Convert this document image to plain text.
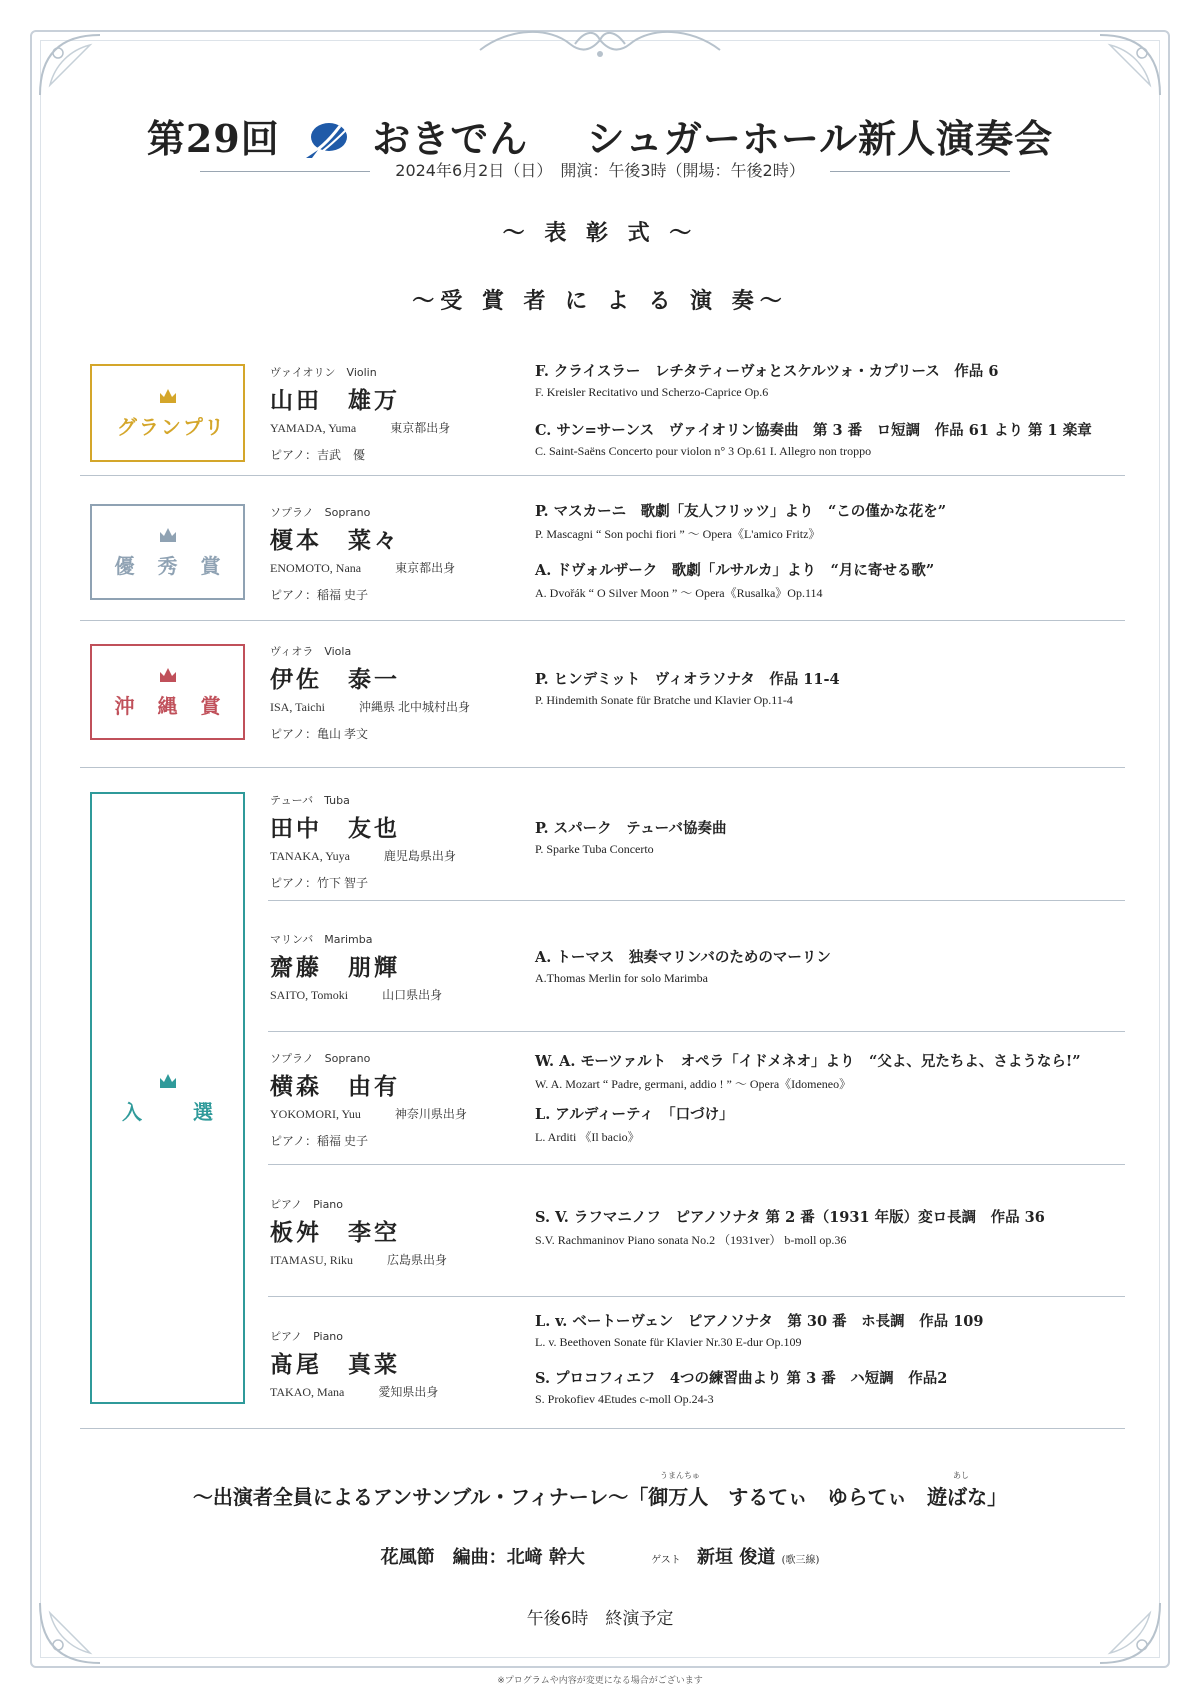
第29回 おきでん シュガーホール新人演奏会
2024年6月2日（日）　開演：午後3時（開場：午後2時）
〜 表 彰 式 〜
〜受 賞 者 に よ る 演 奏〜
グランプリ
優 秀 賞
沖 縄 賞
入　 選
ヴァイオリン　Violin
山田　雄万
YAMADA, Yuma	東京都出身
ピアノ：吉武　優
F. クライスラー　レチタティーヴォとスケルツォ・カプリース　作品 6
F. Kreisler Recitativo und Scherzo-Caprice Op.6
C. サン=サーンス　ヴァイオリン協奏曲　第 3 番　ロ短調　作品 61 より 第 1 楽章
C. Saint-Saëns Concerto pour violon n° 3 Op.61 I. Allegro non troppo
ソプラノ　Soprano
榎本　菜々
ENOMOTO, Nana	東京都出身
ピアノ：稲福 史子
P. マスカーニ　歌劇「友人フリッツ」より　“この僅かな花を”
P. Mascagni “ Son pochi fiori ” 〜 Opera《L'amico Fritz》
A. ドヴォルザーク　歌劇「ルサルカ」より　“月に寄せる歌”
A. Dvořák “ O Silver Moon ” 〜 Opera《Rusalka》Op.114
ヴィオラ　Viola
伊佐　泰一
ISA, Taichi	沖縄県 北中城村出身
ピアノ：亀山 孝文
P. ヒンデミット　ヴィオラソナタ　作品 11-4
P. Hindemith Sonate für Bratche und Klavier Op.11-4
テューバ　Tuba
田中　友也
TANAKA, Yuya	鹿児島県出身
ピアノ：竹下 智子
P. スパーク　テューバ協奏曲
P. Sparke Tuba Concerto
マリンバ　Marimba
齋藤　朋輝
SAITO, Tomoki	山口県出身
A. トーマス　独奏マリンバのためのマーリン
A.Thomas Merlin for solo Marimba
ソプラノ　Soprano
横森　由有
YOKOMORI, Yuu	神奈川県出身
ピアノ：稲福 史子
W. A. モーツァルト　オペラ「イドメネオ」より　“父よ、兄たちよ、さようなら!”
W. A. Mozart “ Padre, germani, addio ! ” 〜 Opera《Idomeneo》
L. アルディーティ　「口づけ」
L. Arditi 《Il bacio》
ピアノ　Piano
板舛　李空
ITAMASU, Riku	広島県出身
S. V. ラフマニノフ　ピアノソナタ 第 2 番（1931 年版）変ロ長調　作品 36
S.V. Rachmaninov Piano sonata No.2 （1931ver） b-moll op.36
ピアノ　Piano
髙尾　真菜
TAKAO, Mana	愛知県出身
L. v. ベートーヴェン　ピアノソナタ　第 30 番　ホ長調　作品 109
L. v. Beethoven Sonate für Klavier Nr.30 E-dur Op.109
S. プロコフィエフ　4つの練習曲より 第 3 番　ハ短調　作品2
S. Prokofiev 4Etudes c-moll Op.24-3
うまんちゅ	あし
〜出演者全員によるアンサンブル・フィナーレ〜「御万人　するてぃ　ゆらてぃ　遊ばな」
花風節　編曲：北﨑 幹大	ゲスト 新垣 俊道 (歌三線)
午後6時　終演予定
※プログラムや内容が変更になる場合がございます
